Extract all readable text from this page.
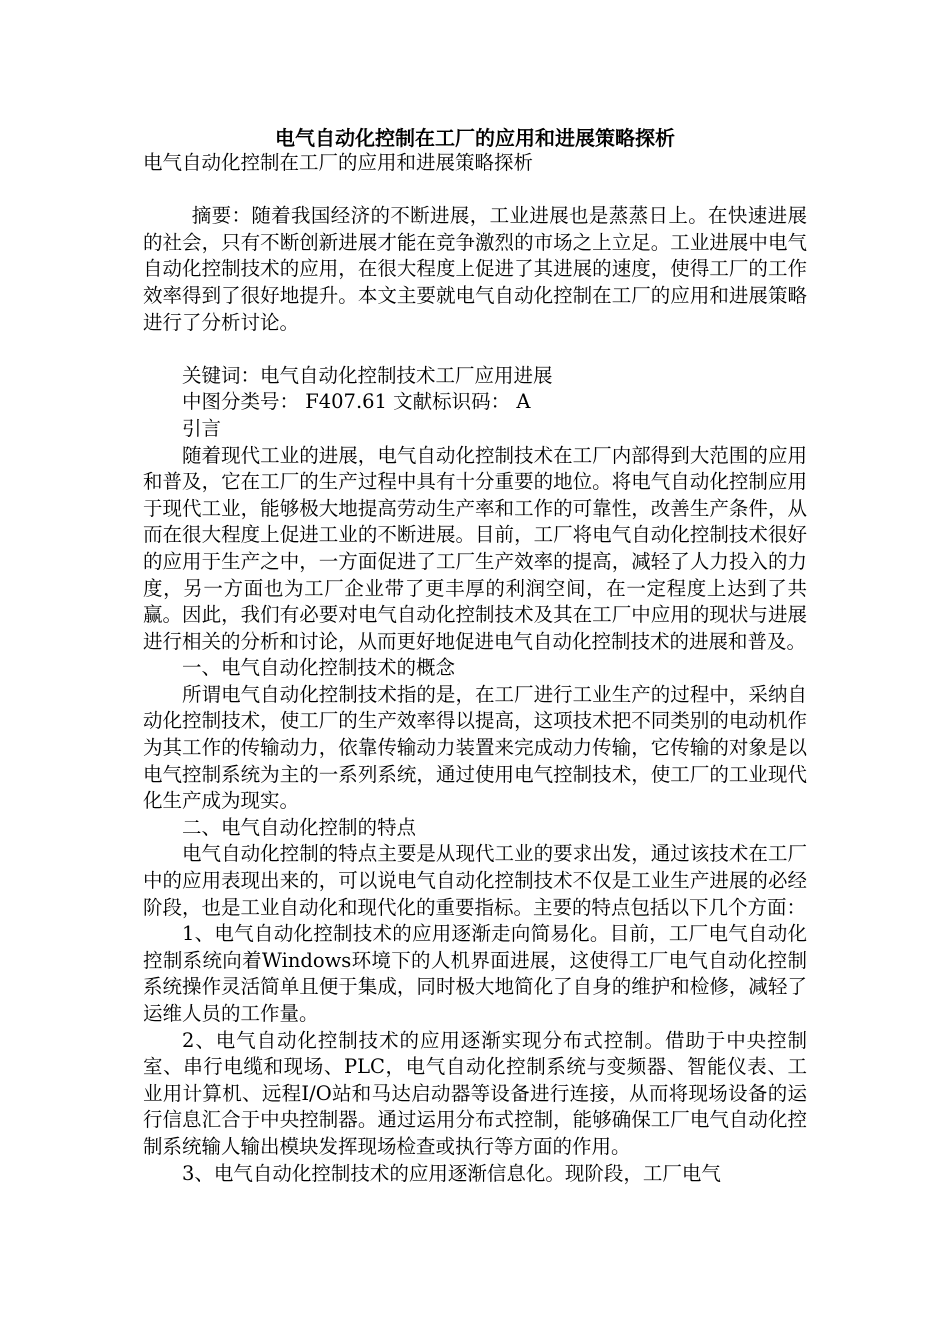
电气自动化控制在工厂的应用和进展策略探析

电气自动化控制在工厂的应用和进展策略探析

摘要：随着我国经济的不断进展，工业进展也是蒸蒸日上。在快速进展的社会，只有不断创新进展才能在竞争激烈的市场之上立足。工业进展中电气自动化控制技术的应用，在很大程度上促进了其进展的速度，使得工厂的工作效率得到了很好地提升。本文主要就电气自动化控制在工厂的应用和进展策略进行了分析讨论。

关键词：电气自动化控制技术工厂应用进展

中图分类号： F407.61 文献标识码： A

引言

随着现代工业的进展，电气自动化控制技术在工厂内部得到大范围的应用和普及，它在工厂的生产过程中具有十分重要的地位。将电气自动化控制应用于现代工业，能够极大地提高劳动生产率和工作的可靠性，改善生产条件，从而在很大程度上促进工业的不断进展。目前，工厂将电气自动化控制技术很好的应用于生产之中，一方面促进了工厂生产效率的提高，减轻了人力投入的力度，另一方面也为工厂企业带了更丰厚的利润空间，在一定程度上达到了共赢。因此，我们有必要对电气自动化控制技术及其在工厂中应用的现状与进展进行相关的分析和讨论，从而更好地促进电气自动化控制技术的进展和普及。

一、电气自动化控制技术的概念

所谓电气自动化控制技术指的是，在工厂进行工业生产的过程中，采纳自动化控制技术，使工厂的生产效率得以提高，这项技术把不同类别的电动机作为其工作的传输动力，依靠传输动力装置来完成动力传输，它传输的对象是以电气控制系统为主的一系列系统，通过使用电气控制技术，使工厂的工业现代化生产成为现实。

二、电气自动化控制的特点

电气自动化控制的特点主要是从现代工业的要求出发，通过该技术在工厂中的应用表现出来的，可以说电气自动化控制技术不仅是工业生产进展的必经阶段，也是工业自动化和现代化的重要指标。主要的特点包括以下几个方面：

1、电气自动化控制技术的应用逐渐走向简易化。目前，工厂电气自动化控制系统向着Windows环境下的人机界面进展，这使得工厂电气自动化控制系统操作灵活简单且便于集成，同时极大地简化了自身的维护和检修，减轻了运维人员的工作量。

2、电气自动化控制技术的应用逐渐实现分布式控制。借助于中央控制室、串行电缆和现场、PLC，电气自动化控制系统与变频器、智能仪表、工业用计算机、远程I/O站和马达启动器等设备进行连接，从而将现场设备的运行信息汇合于中央控制器。通过运用分布式控制，能够确保工厂电气自动化控制系统输人输出模块发挥现场检查或执行等方面的作用。

3、电气自动化控制技术的应用逐渐信息化。现阶段，工厂电气
